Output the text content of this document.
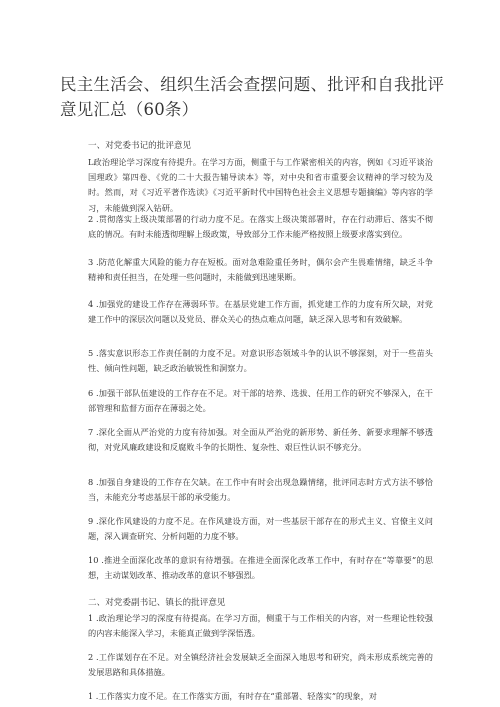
民主生活会、组织生活会查摆问题、批评和自我批评意见汇总（60条）
一、对党委书记的批评意见

L政治理论学习深度有待提升。在学习方面，侧重于与工作紧密相关的内容，例如《习近平谈治国理政》第四卷、《党的二十大报告辅导读本》等，对中央和省市重要会议精神的学习较为及时。然而，对《习近平著作选读》《习近平新时代中国特色社会主义思想专题摘编》等内容的学习，未能做到深入钻研。

2 .贯彻落实上级决策部署的行动力度不足。在落实上级决策部署时，存在行动滞后、落实不彻底的情况。有时未能透彻理解上级政策，导致部分工作未能严格按照上级要求落实到位。

3 .防范化解重大风险的能力存在短板。面对急难险重任务时，偶尔会产生畏难情绪，缺乏斗争精神和责任担当，在处理一些问题时，未能做到迅速果断。

4 .加强党的建设工作存在薄弱环节。在基层党建工作方面，抓党建工作的力度有所欠缺，对党建工作中的深层次问题以及党员、群众关心的热点难点问题，缺乏深入思考和有效破解。

5 .落实意识形态工作责任制的力度不足。对意识形态领域斗争的认识不够深刻，对于一些苗头性、倾向性问题，缺乏政治敏锐性和洞察力。

6 .加强干部队伍建设的工作存在不足。对干部的培养、选拔、任用工作的研究不够深入，在干部管理和监督方面存在薄弱之处。

7 .深化全面从严治党的力度有待加强。对全面从严治党的新形势、新任务、新要求理解不够透彻，对党风廉政建设和反腐败斗争的长期性、复杂性、艰巨性认识不够充分。

8 .加强自身建设的工作存在欠缺。在工作中有时会出现急躁情绪，批评同志时方式方法不够恰当，未能充分考虑基层干部的承受能力。

9 .深化作风建设的力度不足。在作风建设方面，对一些基层干部存在的形式主义、官僚主义问题，深入调查研究、分析问题的力度不够。

10 .推进全面深化改革的意识有待增强。在推进全面深化改革工作中，有时存在“等靠要”的思想，主动谋划改革、推动改革的意识不够强烈。

二、对党委副书记、镇长的批评意见

1 .政治理论学习的深度有待提高。在学习方面，侧重于与工作相关的内容，对一些理论性较强的内容未能深入学习，未能真正做到学深悟透。

2 .工作谋划存在不足。对全镇经济社会发展缺乏全面深入地思考和研究，尚未形成系统完善的发展思路和具体措施。

1 .工作落实力度不足。在工作落实方面，有时存在“重部署、轻落实”的现象，对
